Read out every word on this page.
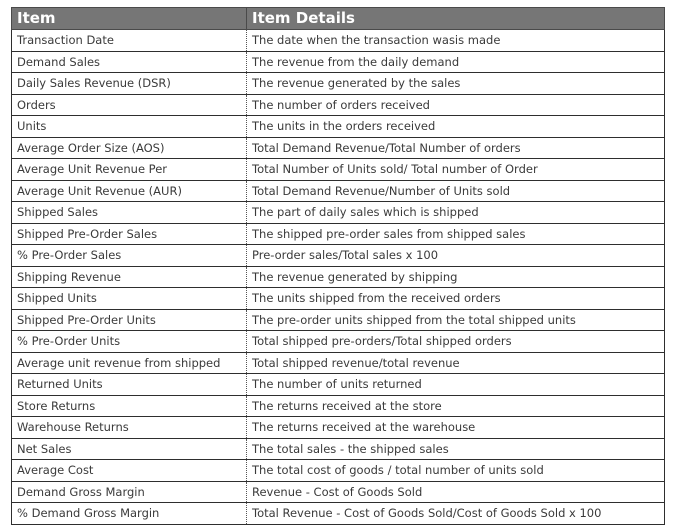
Item	Item Details
Transaction Date	The date when the transaction wasis made
Demand Sales	The revenue from the daily demand
Daily Sales Revenue (DSR)	The revenue generated by the sales
Orders	The number of orders received
Units	The units in the orders received
Average Order Size (AOS)	Total Demand Revenue/Total Number of orders
Average Unit Revenue Per	Total Number of Units sold/ Total number of Order
Average Unit Revenue (AUR)	Total Demand Revenue/Number of Units sold
Shipped Sales	The part of daily sales which is shipped
Shipped Pre-Order Sales	The shipped pre-order sales from shipped sales
% Pre-Order Sales	Pre-order sales/Total sales x 100
Shipping Revenue	The revenue generated by shipping
Shipped Units	The units shipped from the received orders
Shipped Pre-Order Units	The pre-order units shipped from the total shipped units
% Pre-Order Units	Total shipped pre-orders/Total shipped orders
Average unit revenue from shipped	Total shipped revenue/total revenue
Returned Units	The number of units returned
Store Returns	The returns received at the store
Warehouse Returns	The returns received at the warehouse
Net Sales	The total sales - the shipped sales
Average Cost	The total cost of goods / total number of units sold
Demand Gross Margin	Revenue - Cost of Goods Sold
% Demand Gross Margin	Total Revenue - Cost of Goods Sold/Cost of Goods Sold x 100
